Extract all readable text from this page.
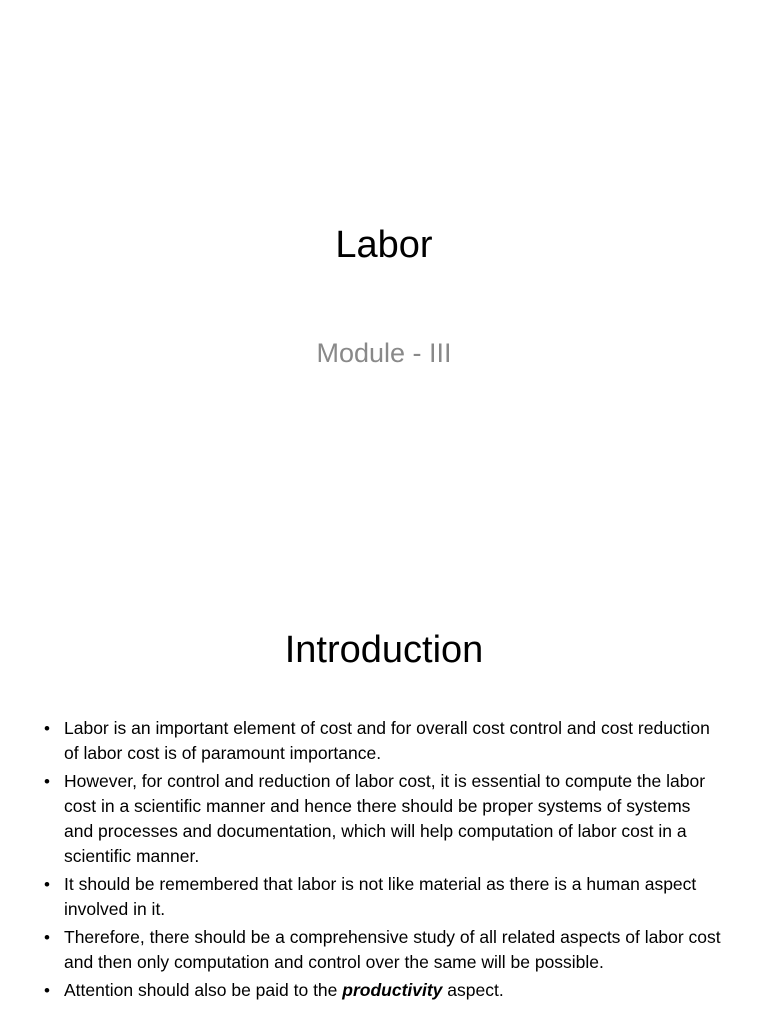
Labor
Module - III
Introduction
• Labor is an important element of cost and for overall cost control and cost reduction of labor cost is of paramount importance.
• However, for control and reduction of labor cost, it is essential to compute the labor cost in a scientific manner and hence there should be proper systems of systems and processes and documentation, which will help computation of labor cost in a scientific manner.
• It should be remembered that labor is not like material as there is a human aspect involved in it.
• Therefore, there should be a comprehensive study of all related aspects of labor cost and then only computation and control over the same will be possible.
• Attention should also be paid to the productivity aspect.
